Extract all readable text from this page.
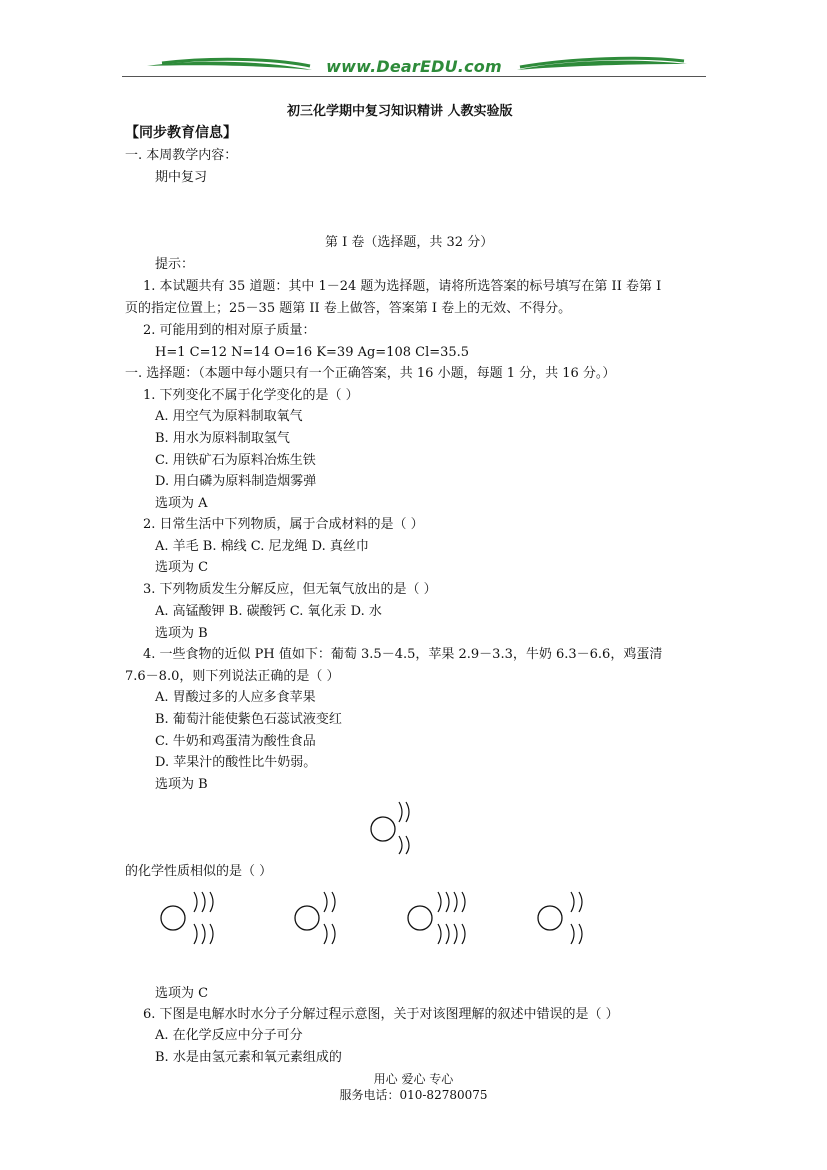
www.DearEDU.com
初三化学期中复习知识精讲 人教实验版
【同步教育信息】
一. 本周教学内容：
期中复习
第 I 卷（选择题，共 32 分）
提示：
1. 本试题共有 35 道题：其中 1－24 题为选择题，请将所选答案的标号填写在第 II 卷第 I
页的指定位置上；25－35 题第 II 卷上做答，答案第 I 卷上的无效、不得分。
2. 可能用到的相对原子质量：
H=1 C=12 N=14 O=16 K=39 Ag=108 Cl=35.5
一. 选择题：（本题中每小题只有一个正确答案，共 16 小题，每题 1 分，共 16 分。）
1. 下列变化不属于化学变化的是（ ）
A. 用空气为原料制取氧气
B. 用水为原料制取氢气
C. 用铁矿石为原料冶炼生铁
D. 用白磷为原料制造烟雾弹
选项为 A
2. 日常生活中下列物质，属于合成材料的是（ ）
A. 羊毛 B. 棉线 C. 尼龙绳 D. 真丝巾
选项为 C
3. 下列物质发生分解反应，但无氧气放出的是（ ）
A. 高锰酸钾 B. 碳酸钙 C. 氧化汞 D. 水
选项为 B
4. 一些食物的近似 PH 值如下：葡萄 3.5－4.5，苹果 2.9－3.3，牛奶 6.3－6.6，鸡蛋清
7.6－8.0，则下列说法正确的是（ ）
A. 胃酸过多的人应多食苹果
B. 葡萄汁能使紫色石蕊试液变红
C. 牛奶和鸡蛋清为酸性食品
D. 苹果汁的酸性比牛奶弱。
选项为 B
的化学性质相似的是（ ）
选项为 C
6. 下图是电解水时水分子分解过程示意图，关于对该图理解的叙述中错误的是（ ）
A. 在化学反应中分子可分
B. 水是由氢元素和氧元素组成的
用心 爱心 专心
服务电话：010-82780075
